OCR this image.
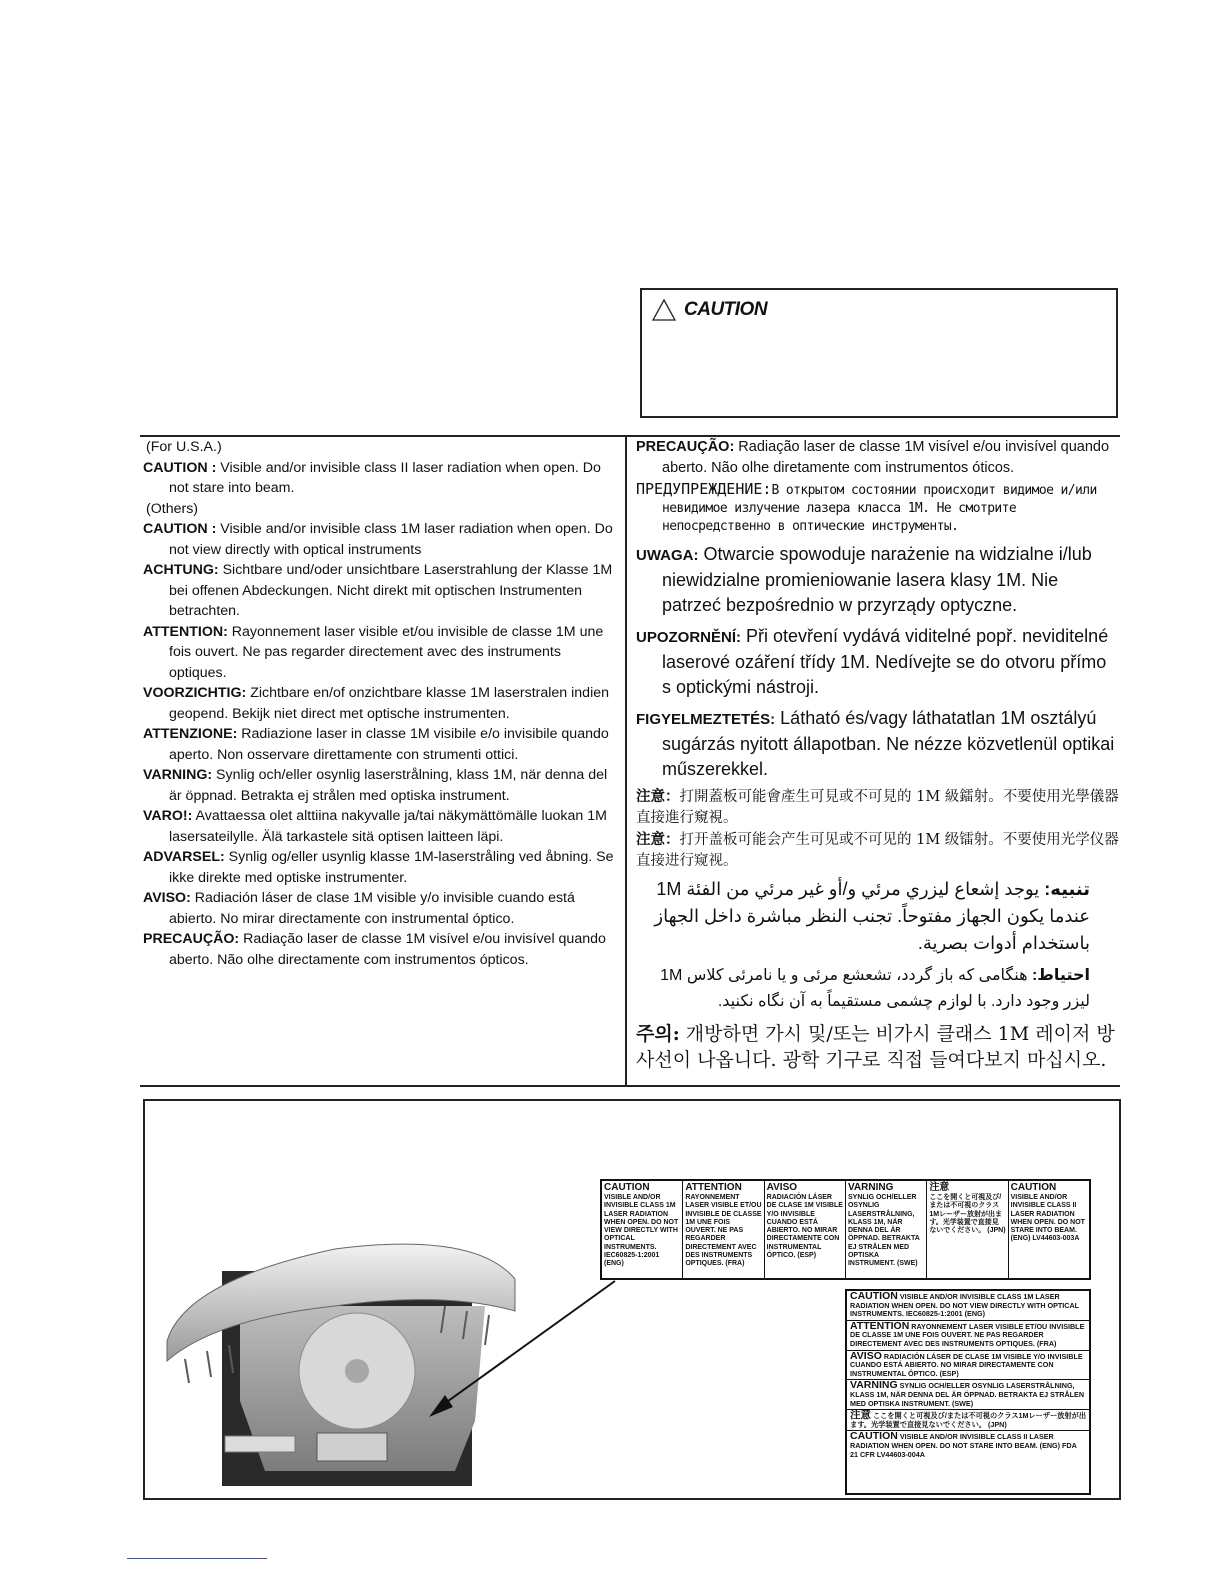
CAUTION

(For U.S.A.)

CAUTION : Visible and/or invisible class II laser radiation when open. Do not stare into beam.

(Others)

CAUTION : Visible and/or invisible class 1M laser radiation when open. Do not view directly with optical instruments

ACHTUNG: Sichtbare und/oder unsichtbare Laserstrahlung der Klasse 1M bei offenen Abdeckungen. Nicht direkt mit optischen Instrumenten betrachten.

ATTENTION: Rayonnement laser visible et/ou invisible de classe 1M une fois ouvert. Ne pas regarder directement avec des instruments optiques.

VOORZICHTIG: Zichtbare en/of onzichtbare klasse 1M laserstralen indien geopend. Bekijk niet direct met optische instrumenten.

ATTENZIONE: Radiazione laser in classe 1M visibile e/o invisibile quando aperto. Non osservare direttamente con strumenti ottici.

VARNING: Synlig och/eller osynlig laserstrålning, klass 1M, när denna del är öppnad. Betrakta ej strålen med optiska instrument.

VARO!: Avattaessa olet alttiina nakyvalle ja/tai näkymättömälle luokan 1M lasersateilylle. Älä tarkastele sitä optisen laitteen läpi.

ADVARSEL: Synlig og/eller usynlig klasse 1M-laserstråling ved åbning. Se ikke direkte med optiske instrumenter.

AVISO: Radiación láser de clase 1M visible y/o invisible cuando está abierto. No mirar directamente con instrumental óptico.

PRECAUÇÃO: Radiação laser de classe 1M visível e/ou invisível quando aberto. Não olhe directamente com instrumentos ópticos.

PRECAUÇÃO: Radiação laser de classe 1M visível e/ou invisível quando aberto. Não olhe diretamente com instrumentos óticos.

ПРЕДУПРЕЖДЕНИЕ:В открытом состоянии происходит видимое и/или невидимое излучение лазера класса 1M. Не смотрите непосредственно в оптические инструменты.

UWAGA: Otwarcie spowoduje narażenie na widzialne i/lub niewidzialne promieniowanie lasera klasy 1M. Nie patrzeć bezpośrednio w przyrządy optyczne.

UPOZORNĚNÍ: Při otevření vydává viditelné popř. neviditelné laserové ozáření třídy 1M. Nedívejte se do otvoru přímo s optickými nástroji.

FIGYELMEZTETÉS: Látható és/vagy láthatatlan 1M osztályú sugárzás nyitott állapotban. Ne nézze közvetlenül optikai műszerekkel.

注意：打開蓋板可能會產生可見或不可見的 1M 級鐳射。不要使用光學儀器直接進行窺視。

注意：打开盖板可能会产生可见或不可见的 1M 级镭射。不要使用光学仪器直接进行窥视。

تنبيه: يوجد إشعاع ليزري مرئي و/أو غير مرئي من الفئة 1M عندما يكون الجهاز مفتوحاً. تجنب النظر مباشرة داخل الجهاز باستخدام أدوات بصرية.

احتياط: هنگامی که باز گردد، تشعشع مرئی و یا نامرئی کلاس 1M لیزر وجود دارد. با لوازم چشمی مستقیماً به آن نگاه نکنید.

주의: 개방하면 가시 및/또는 비가시 클래스 1M 레이저 방사선이 나옵니다. 광학 기구로 직접 들여다보지 마십시오.

CAUTION
VISIBLE AND/OR INVISIBLE CLASS 1M LASER RADIATION WHEN OPEN. DO NOT VIEW DIRECTLY WITH OPTICAL INSTRUMENTS. IEC60825-1:2001 (ENG)
ATTENTION
RAYONNEMENT LASER VISIBLE ET/OU INVISIBLE DE CLASSE 1M UNE FOIS OUVERT. NE PAS REGARDER DIRECTEMENT AVEC DES INSTRUMENTS OPTIQUES. (FRA)
AVISO
RADIACIÓN LÁSER DE CLASE 1M VISIBLE Y/O INVISIBLE CUANDO ESTÁ ABIERTO. NO MIRAR DIRECTAMENTE CON INSTRUMENTAL ÓPTICO. (ESP)
VARNING
SYNLIG OCH/ELLER OSYNLIG LASERSTRÅLNING, KLASS 1M, NÄR DENNA DEL ÄR ÖPPNAD. BETRAKTA EJ STRÅLEN MED OPTISKA INSTRUMENT. (SWE)
注意
ここを開くと可視及び/または不可視のクラス1Mレーザー放射が出ます。光学装置で直接見ないでください。 (JPN)
CAUTION
VISIBLE AND/OR INVISIBLE CLASS II LASER RADIATION WHEN OPEN. DO NOT STARE INTO BEAM. (ENG) LV44603-003A
CAUTION VISIBLE AND/OR INVISIBLE CLASS 1M LASER RADIATION WHEN OPEN. DO NOT VIEW DIRECTLY WITH OPTICAL INSTRUMENTS. IEC60825-1:2001 (ENG)
ATTENTION RAYONNEMENT LASER VISIBLE ET/OU INVISIBLE DE CLASSE 1M UNE FOIS OUVERT. NE PAS REGARDER DIRECTEMENT AVEC DES INSTRUMENTS OPTIQUES. (FRA)
AVISO RADIACIÓN LÁSER DE CLASE 1M VISIBLE Y/O INVISIBLE CUANDO ESTÁ ABIERTO. NO MIRAR DIRECTAMENTE CON INSTRUMENTAL ÓPTICO. (ESP)
VARNING SYNLIG OCH/ELLER OSYNLIG LASERSTRÅLNING, KLASS 1M, NÄR DENNA DEL ÄR ÖPPNAD. BETRAKTA EJ STRÅLEN MED OPTISKA INSTRUMENT. (SWE)
注意 ここを開くと可視及び/または不可視のクラス1Mレーザー放射が出ます。光学装置で直接見ないでください。 (JPN)
CAUTION VISIBLE AND/OR INVISIBLE CLASS II LASER RADIATION WHEN OPEN. DO NOT STARE INTO BEAM. (ENG) FDA 21 CFR LV44603-004A
